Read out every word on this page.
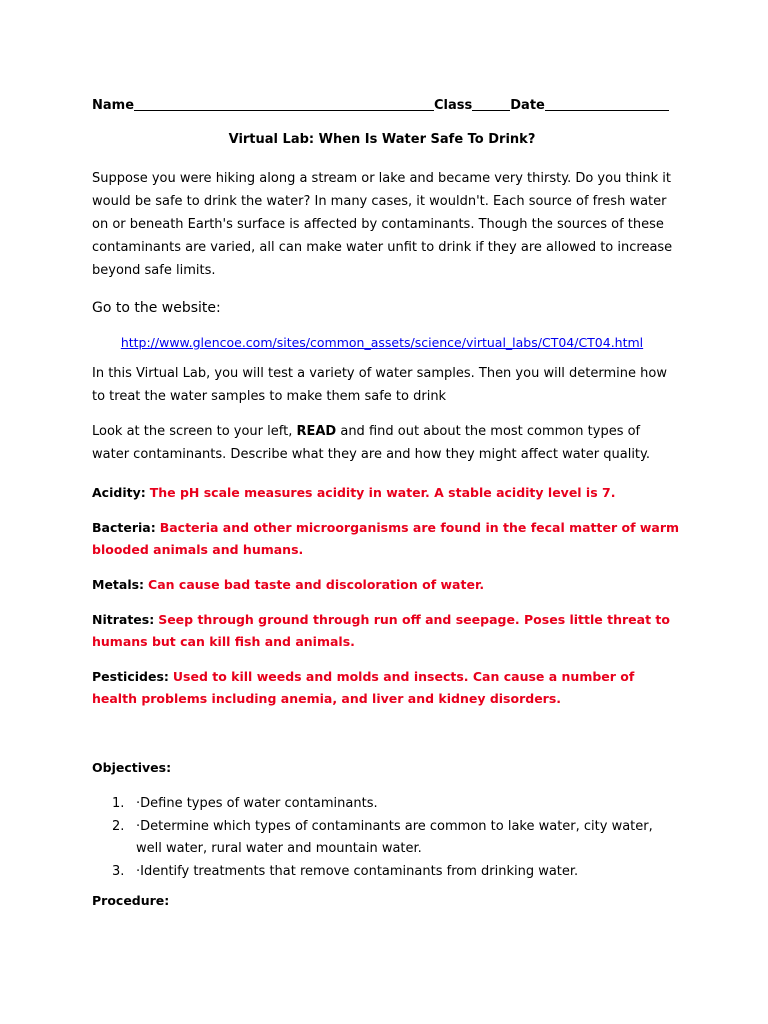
Name	Class	Date
Virtual Lab: When Is Water Safe To Drink?
Suppose you were hiking along a stream or lake and became very thirsty. Do you think it would be safe to drink the water? In many cases, it wouldn't. Each source of fresh water on or beneath Earth's surface is affected by contaminants. Though the sources of these contaminants are varied, all can make water unfit to drink if they are allowed to increase beyond safe limits.
Go to the website:
http://www.glencoe.com/sites/common_assets/science/virtual_labs/CT04/CT04.html
In this Virtual Lab, you will test a variety of water samples. Then you will determine how to treat the water samples to make them safe to drink
Look at the screen to your left, READ and find out about the most common types of water contaminants. Describe what they are and how they might affect water quality.
Acidity: The pH scale measures acidity in water. A stable acidity level is 7.
Bacteria: Bacteria and other microorganisms are found in the fecal matter of warm blooded animals and humans.
Metals: Can cause bad taste and discoloration of water.
Nitrates: Seep through ground through run off and seepage. Poses little threat to humans but can kill fish and animals.
Pesticides: Used to kill weeds and molds and insects. Can cause a number of health problems including anemia, and liver and kidney disorders.
Objectives:
1. ·Define types of water contaminants.
2. ·Determine which types of contaminants are common to lake water, city water, well water, rural water and mountain water.
3. ·Identify treatments that remove contaminants from drinking water.
Procedure:
